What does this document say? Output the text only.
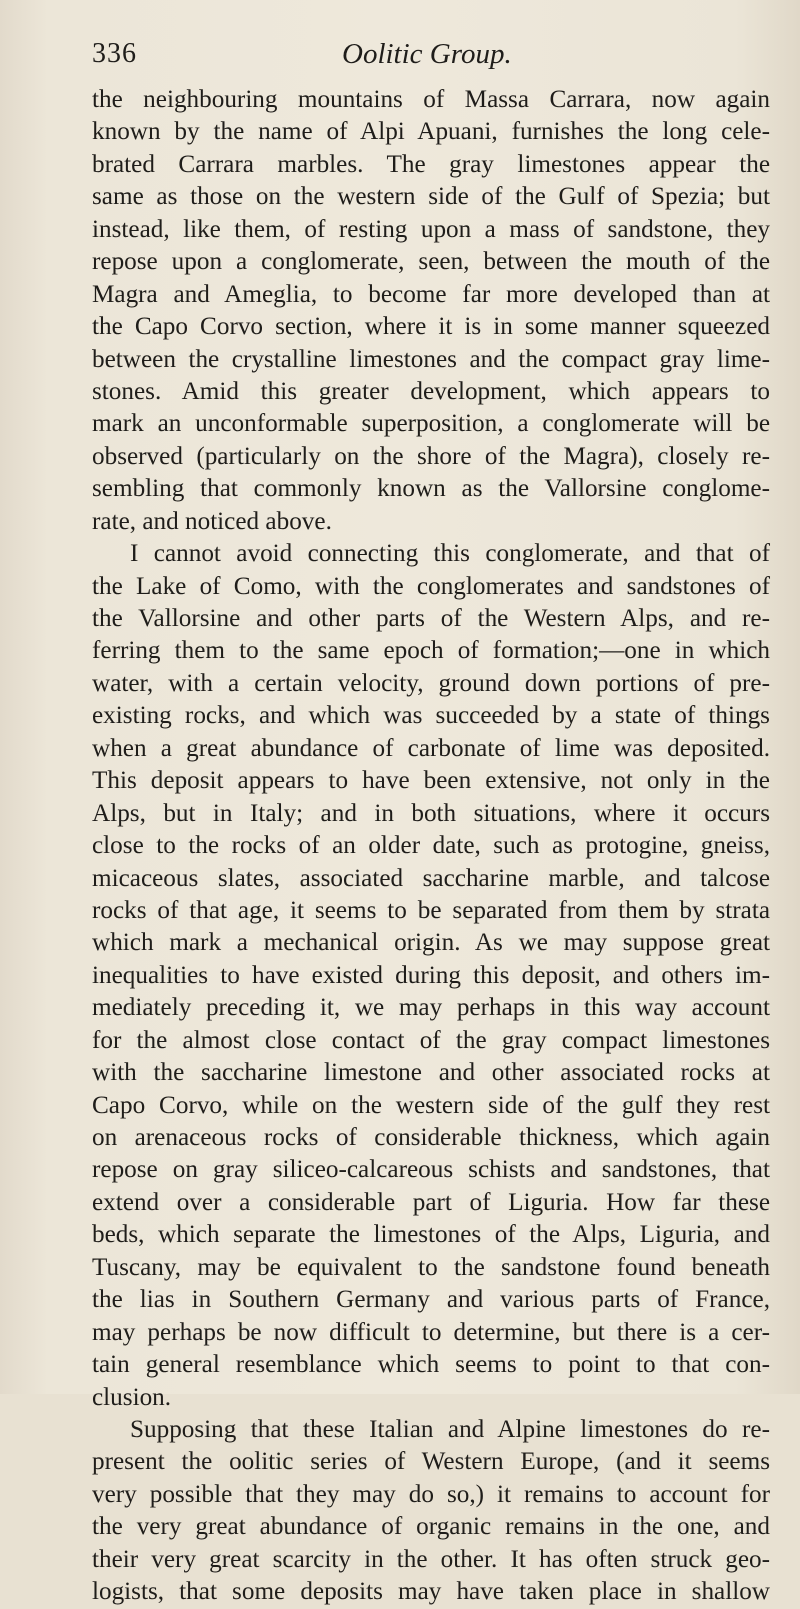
336	Oolitic Group.
the neighbouring mountains of Massa Carrara, now again
known by the name of Alpi Apuani, furnishes the long cele-
brated Carrara marbles. The gray limestones appear the
same as those on the western side of the Gulf of Spezia; but
instead, like them, of resting upon a mass of sandstone, they
repose upon a conglomerate, seen, between the mouth of the
Magra and Ameglia, to become far more developed than at
the Capo Corvo section, where it is in some manner squeezed
between the crystalline limestones and the compact gray lime-
stones. Amid this greater development, which appears to
mark an unconformable superposition, a conglomerate will be
observed (particularly on the shore of the Magra), closely re-
sembling that commonly known as the Vallorsine conglome-
rate, and noticed above.
I cannot avoid connecting this conglomerate, and that of
the Lake of Como, with the conglomerates and sandstones of
the Vallorsine and other parts of the Western Alps, and re-
ferring them to the same epoch of formation;—one in which
water, with a certain velocity, ground down portions of pre-
existing rocks, and which was succeeded by a state of things
when a great abundance of carbonate of lime was deposited.
This deposit appears to have been extensive, not only in the
Alps, but in Italy; and in both situations, where it occurs
close to the rocks of an older date, such as protogine, gneiss,
micaceous slates, associated saccharine marble, and talcose
rocks of that age, it seems to be separated from them by strata
which mark a mechanical origin. As we may suppose great
inequalities to have existed during this deposit, and others im-
mediately preceding it, we may perhaps in this way account
for the almost close contact of the gray compact limestones
with the saccharine limestone and other associated rocks at
Capo Corvo, while on the western side of the gulf they rest
on arenaceous rocks of considerable thickness, which again
repose on gray siliceo-calcareous schists and sandstones, that
extend over a considerable part of Liguria. How far these
beds, which separate the limestones of the Alps, Liguria, and
Tuscany, may be equivalent to the sandstone found beneath
the lias in Southern Germany and various parts of France,
may perhaps be now difficult to determine, but there is a cer-
tain general resemblance which seems to point to that con-
clusion.
Supposing that these Italian and Alpine limestones do re-
present the oolitic series of Western Europe, (and it seems
very possible that they may do so,) it remains to account for
the very great abundance of organic remains in the one, and
their very great scarcity in the other. It has often struck geo-
logists, that some deposits may have taken place in shallow
